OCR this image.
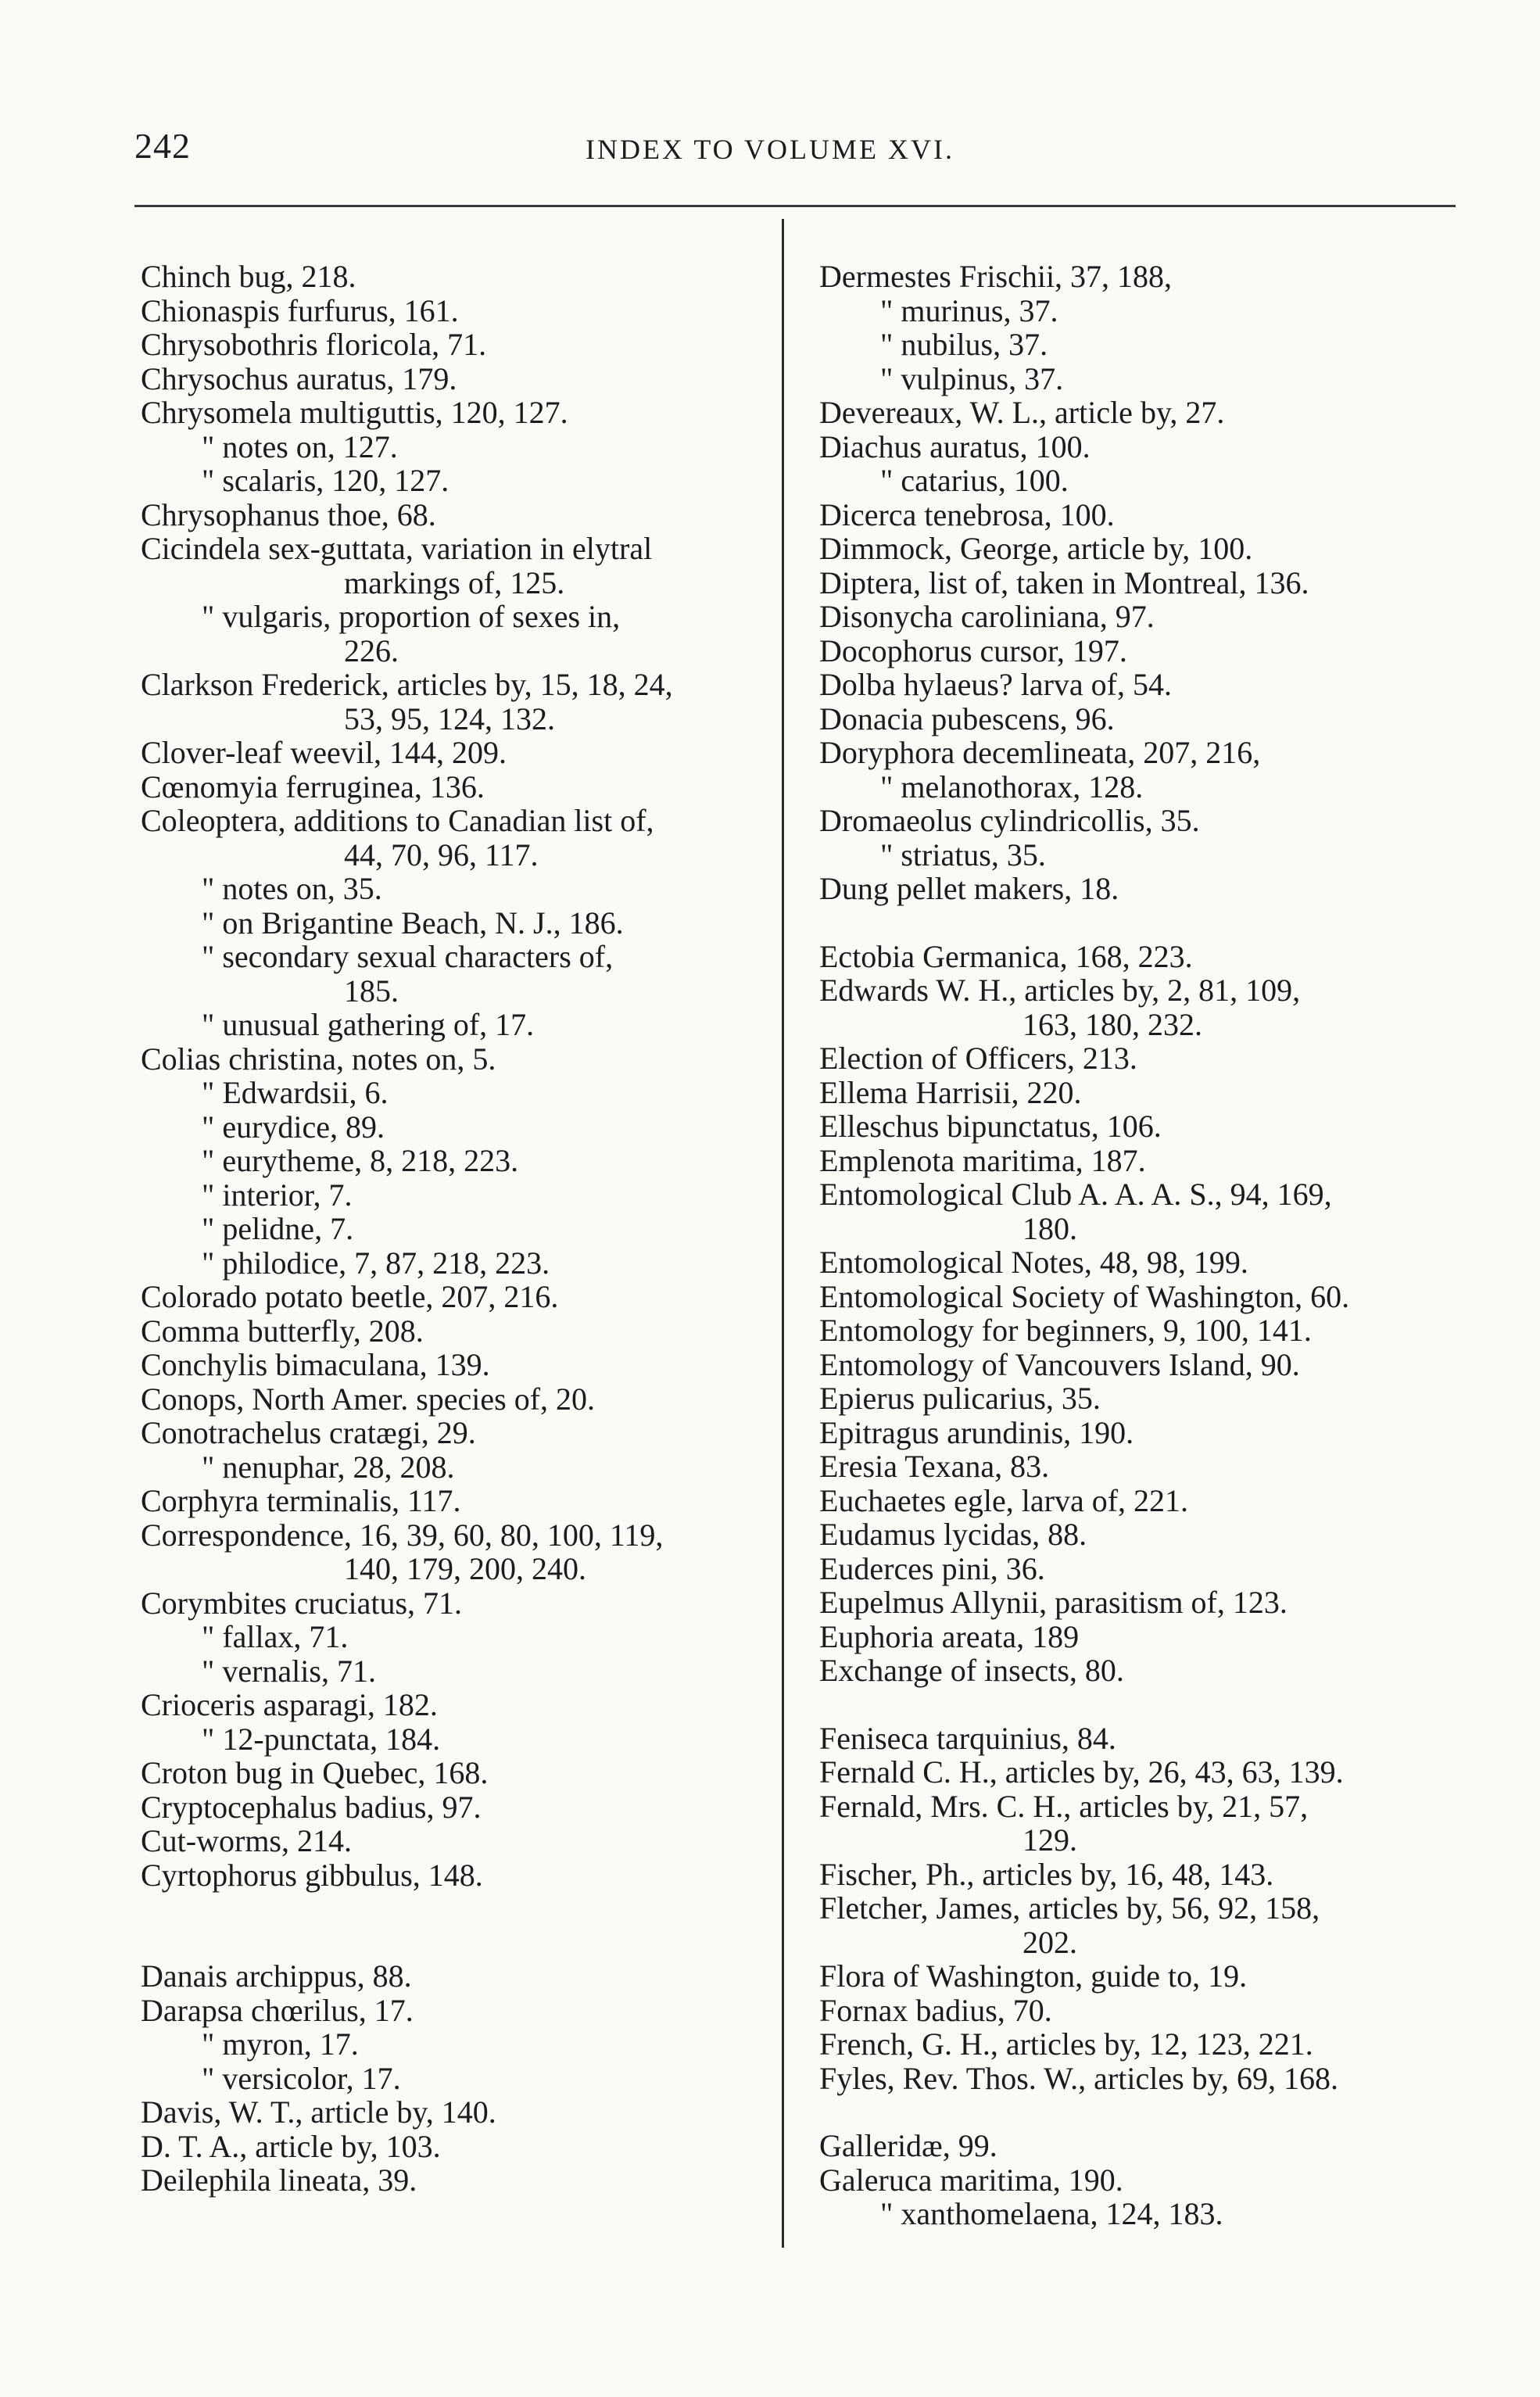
242	INDEX TO VOLUME XVI.
Chinch bug, 218.
Chionaspis furfurus, 161.
Chrysobothris floricola, 71.
Chrysochus auratus, 179.
Chrysomela multiguttis, 120, 127.
" notes on, 127.
" scalaris, 120, 127.
Chrysophanus thoe, 68.
Cicindela sex-guttata, variation in elytral
markings of, 125.
" vulgaris, proportion of sexes in,
226.
Clarkson Frederick, articles by, 15, 18, 24,
53, 95, 124, 132.
Clover-leaf weevil, 144, 209.
Cœnomyia ferruginea, 136.
Coleoptera, additions to Canadian list of,
44, 70, 96, 117.
" notes on, 35.
" on Brigantine Beach, N. J., 186.
" secondary sexual characters of,
185.
" unusual gathering of, 17.
Colias christina, notes on, 5.
" Edwardsii, 6.
" eurydice, 89.
" eurytheme, 8, 218, 223.
" interior, 7.
" pelidne, 7.
" philodice, 7, 87, 218, 223.
Colorado potato beetle, 207, 216.
Comma butterfly, 208.
Conchylis bimaculana, 139.
Conops, North Amer. species of, 20.
Conotrachelus cratægi, 29.
" nenuphar, 28, 208.
Corphyra terminalis, 117.
Correspondence, 16, 39, 60, 80, 100, 119,
140, 179, 200, 240.
Corymbites cruciatus, 71.
" fallax, 71.
" vernalis, 71.
Crioceris asparagi, 182.
" 12-punctata, 184.
Croton bug in Quebec, 168.
Cryptocephalus badius, 97.
Cut-worms, 214.
Cyrtophorus gibbulus, 148.
Danais archippus, 88.
Darapsa chœrilus, 17.
" myron, 17.
" versicolor, 17.
Davis, W. T., article by, 140.
D. T. A., article by, 103.
Deilephila lineata, 39.
Dermestes Frischii, 37, 188,
" murinus, 37.
" nubilus, 37.
" vulpinus, 37.
Devereaux, W. L., article by, 27.
Diachus auratus, 100.
" catarius, 100.
Dicerca tenebrosa, 100.
Dimmock, George, article by, 100.
Diptera, list of, taken in Montreal, 136.
Disonycha caroliniana, 97.
Docophorus cursor, 197.
Dolba hylaeus? larva of, 54.
Donacia pubescens, 96.
Doryphora decemlineata, 207, 216,
" melanothorax, 128.
Dromaeolus cylindricollis, 35.
" striatus, 35.
Dung pellet makers, 18.
Ectobia Germanica, 168, 223.
Edwards W. H., articles by, 2, 81, 109,
163, 180, 232.
Election of Officers, 213.
Ellema Harrisii, 220.
Elleschus bipunctatus, 106.
Emplenota maritima, 187.
Entomological Club A. A. A. S., 94, 169,
180.
Entomological Notes, 48, 98, 199.
Entomological Society of Washington, 60.
Entomology for beginners, 9, 100, 141.
Entomology of Vancouvers Island, 90.
Epierus pulicarius, 35.
Epitragus arundinis, 190.
Eresia Texana, 83.
Euchaetes egle, larva of, 221.
Eudamus lycidas, 88.
Euderces pini, 36.
Eupelmus Allynii, parasitism of, 123.
Euphoria areata, 189
Exchange of insects, 80.
Feniseca tarquinius, 84.
Fernald C. H., articles by, 26, 43, 63, 139.
Fernald, Mrs. C. H., articles by, 21, 57,
129.
Fischer, Ph., articles by, 16, 48, 143.
Fletcher, James, articles by, 56, 92, 158,
202.
Flora of Washington, guide to, 19.
Fornax badius, 70.
French, G. H., articles by, 12, 123, 221.
Fyles, Rev. Thos. W., articles by, 69, 168.
Galleridæ, 99.
Galeruca maritima, 190.
" xanthomelaena, 124, 183.
